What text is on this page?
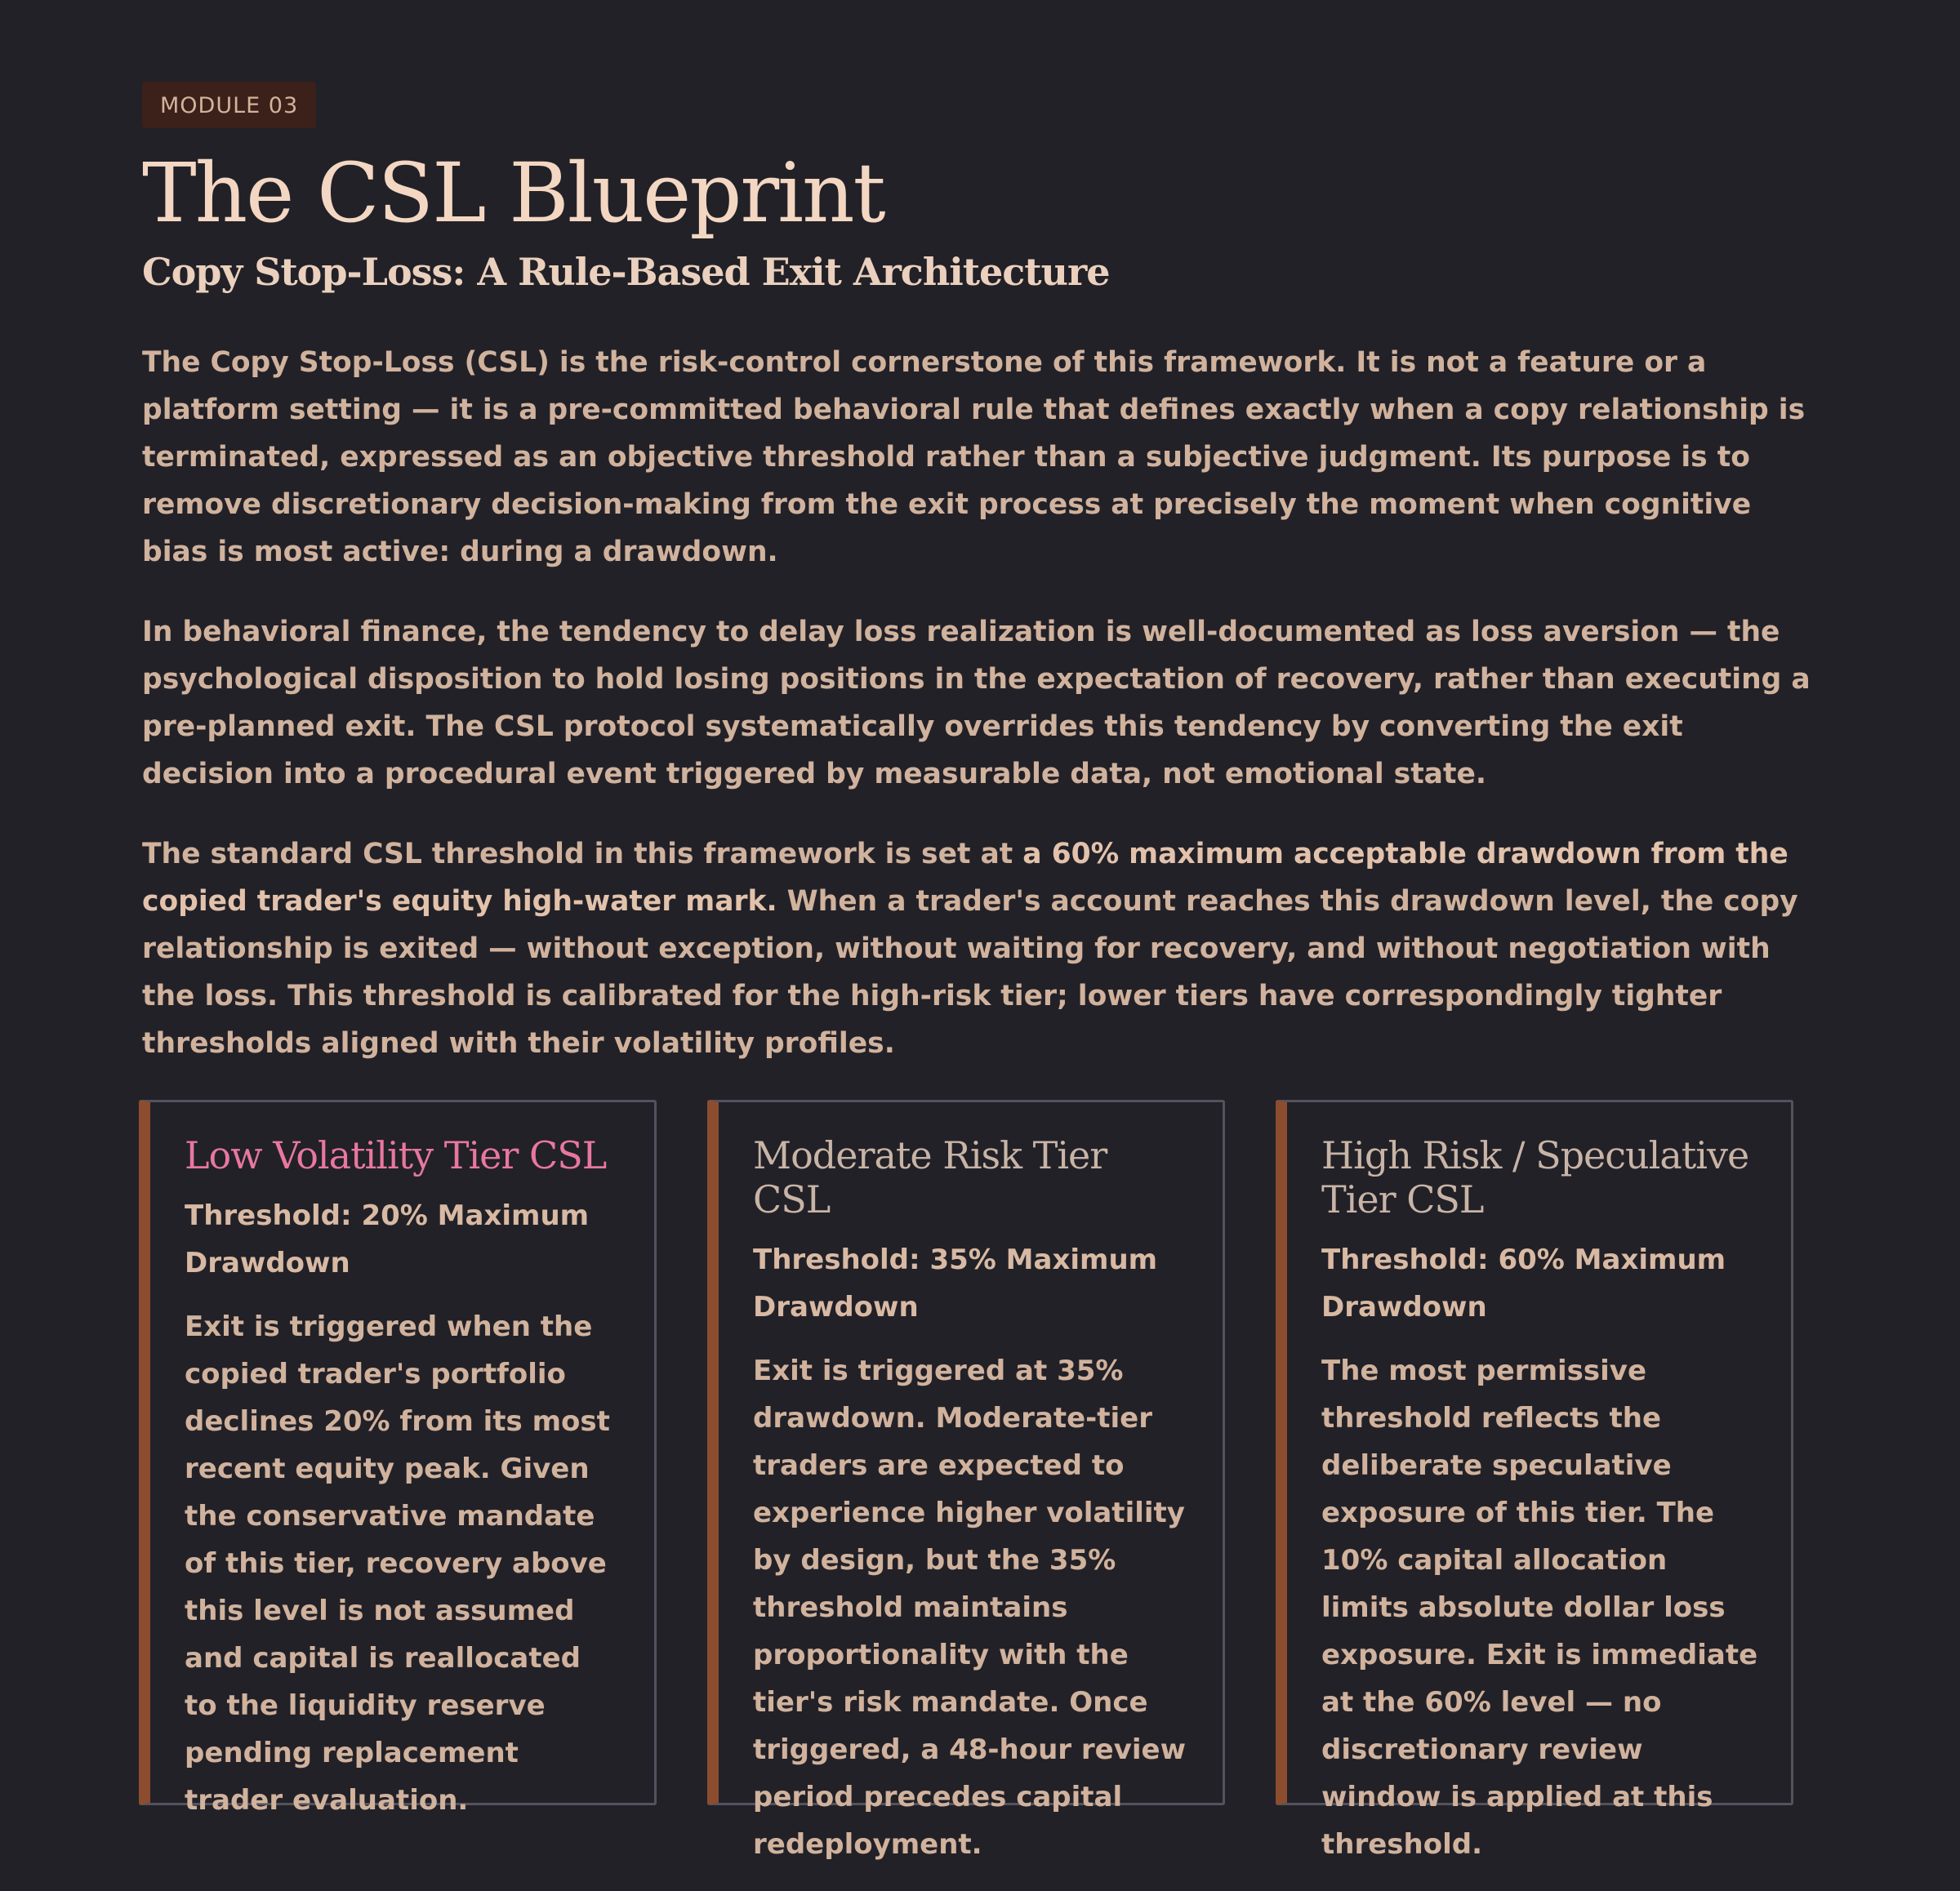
MODULE 03
The CSL Blueprint
Copy Stop-Loss: A Rule-Based Exit Architecture

The Copy Stop-Loss (CSL) is the risk-control cornerstone of this framework. It is not a feature or a platform setting — it is a pre-committed behavioral rule that defines exactly when a copy relationship is terminated, expressed as an objective threshold rather than a subjective judgment. Its purpose is to remove discretionary decision-making from the exit process at precisely the moment when cognitive bias is most active: during a drawdown.

In behavioral finance, the tendency to delay loss realization is well-documented as loss aversion — the psychological disposition to hold losing positions in the expectation of recovery, rather than executing a pre-planned exit. The CSL protocol systematically overrides this tendency by converting the exit decision into a procedural event triggered by measurable data, not emotional state.

The standard CSL threshold in this framework is set at a 60% maximum acceptable drawdown from the copied trader's equity high-water mark. When a trader's account reaches this drawdown level, the copy relationship is exited — without exception, without waiting for recovery, and without negotiation with the loss. This threshold is calibrated for the high-risk tier; lower tiers have correspondingly tighter thresholds aligned with their volatility profiles.

Low Volatility Tier CSL

Threshold: 20% Maximum Drawdown

Exit is triggered when the copied trader's portfolio declines 20% from its most recent equity peak. Given the conservative mandate of this tier, recovery above this level is not assumed and capital is reallocated to the liquidity reserve pending replacement trader evaluation.

Moderate Risk Tier CSL

Threshold: 35% Maximum Drawdown

Exit is triggered at 35% drawdown. Moderate-tier traders are expected to experience higher volatility by design, but the 35% threshold maintains proportionality with the tier's risk mandate. Once triggered, a 48-hour review period precedes capital redeployment.

High Risk / Speculative Tier CSL

Threshold: 60% Maximum Drawdown

The most permissive threshold reflects the deliberate speculative exposure of this tier. The 10% capital allocation limits absolute dollar loss exposure. Exit is immediate at the 60% level — no discretionary review window is applied at this threshold.
